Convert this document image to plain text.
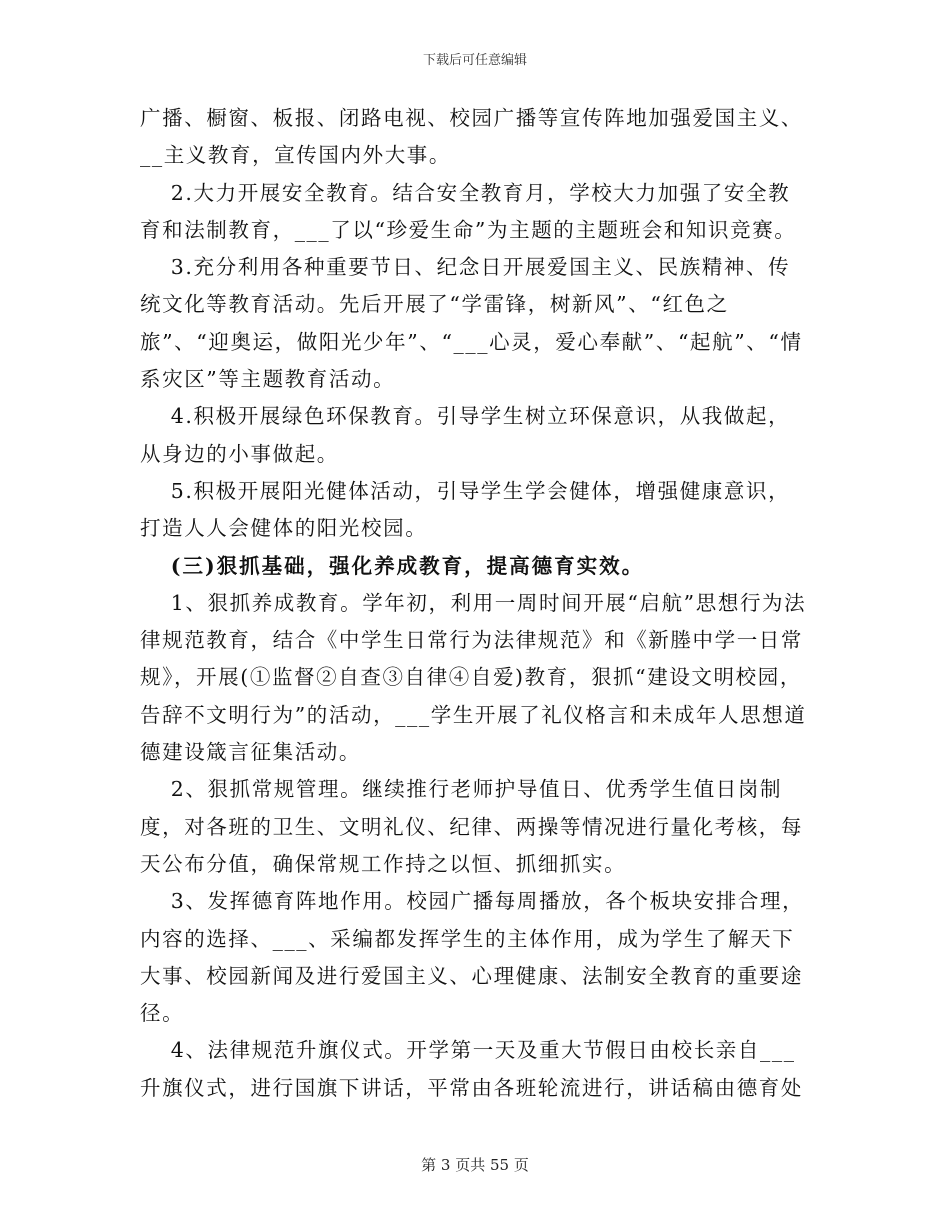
下载后可任意编辑

广播、橱窗、板报、闭路电视、校园广播等宣传阵地加强爱国主义、__主义教育，宣传国内外大事。

2.大力开展安全教育。结合安全教育月，学校大力加强了安全教育和法制教育，___了以“珍爱生命”为主题的主题班会和知识竞赛。

3.充分利用各种重要节日、纪念日开展爱国主义、民族精神、传统文化等教育活动。先后开展了“学雷锋，树新风”、“红色之旅”、“迎奥运，做阳光少年”、“___心灵，爱心奉献”、“起航”、“情系灾区”等主题教育活动。

4.积极开展绿色环保教育。引导学生树立环保意识，从我做起，从身边的小事做起。

5.积极开展阳光健体活动，引导学生学会健体，增强健康意识，打造人人会健体的阳光校园。

(三)狠抓基础，强化养成教育，提高德育实效。

1、狠抓养成教育。学年初，利用一周时间开展“启航”思想行为法律规范教育，结合《中学生日常行为法律规范》和《新塍中学一日常规》，开展(①监督②自查③自律④自爱)教育，狠抓“建设文明校园，告辞不文明行为”的活动，___学生开展了礼仪格言和未成年人思想道德建设箴言征集活动。

2、狠抓常规管理。继续推行老师护导值日、优秀学生值日岗制度，对各班的卫生、文明礼仪、纪律、两操等情况进行量化考核，每天公布分值，确保常规工作持之以恒、抓细抓实。

3、发挥德育阵地作用。校园广播每周播放，各个板块安排合理，内容的选择、___、采编都发挥学生的主体作用，成为学生了解天下大事、校园新闻及进行爱国主义、心理健康、法制安全教育的重要途径。

4、法律规范升旗仪式。开学第一天及重大节假日由校长亲自___升旗仪式，进行国旗下讲话，平常由各班轮流进行，讲话稿由德育处

第 3 页共 55 页
